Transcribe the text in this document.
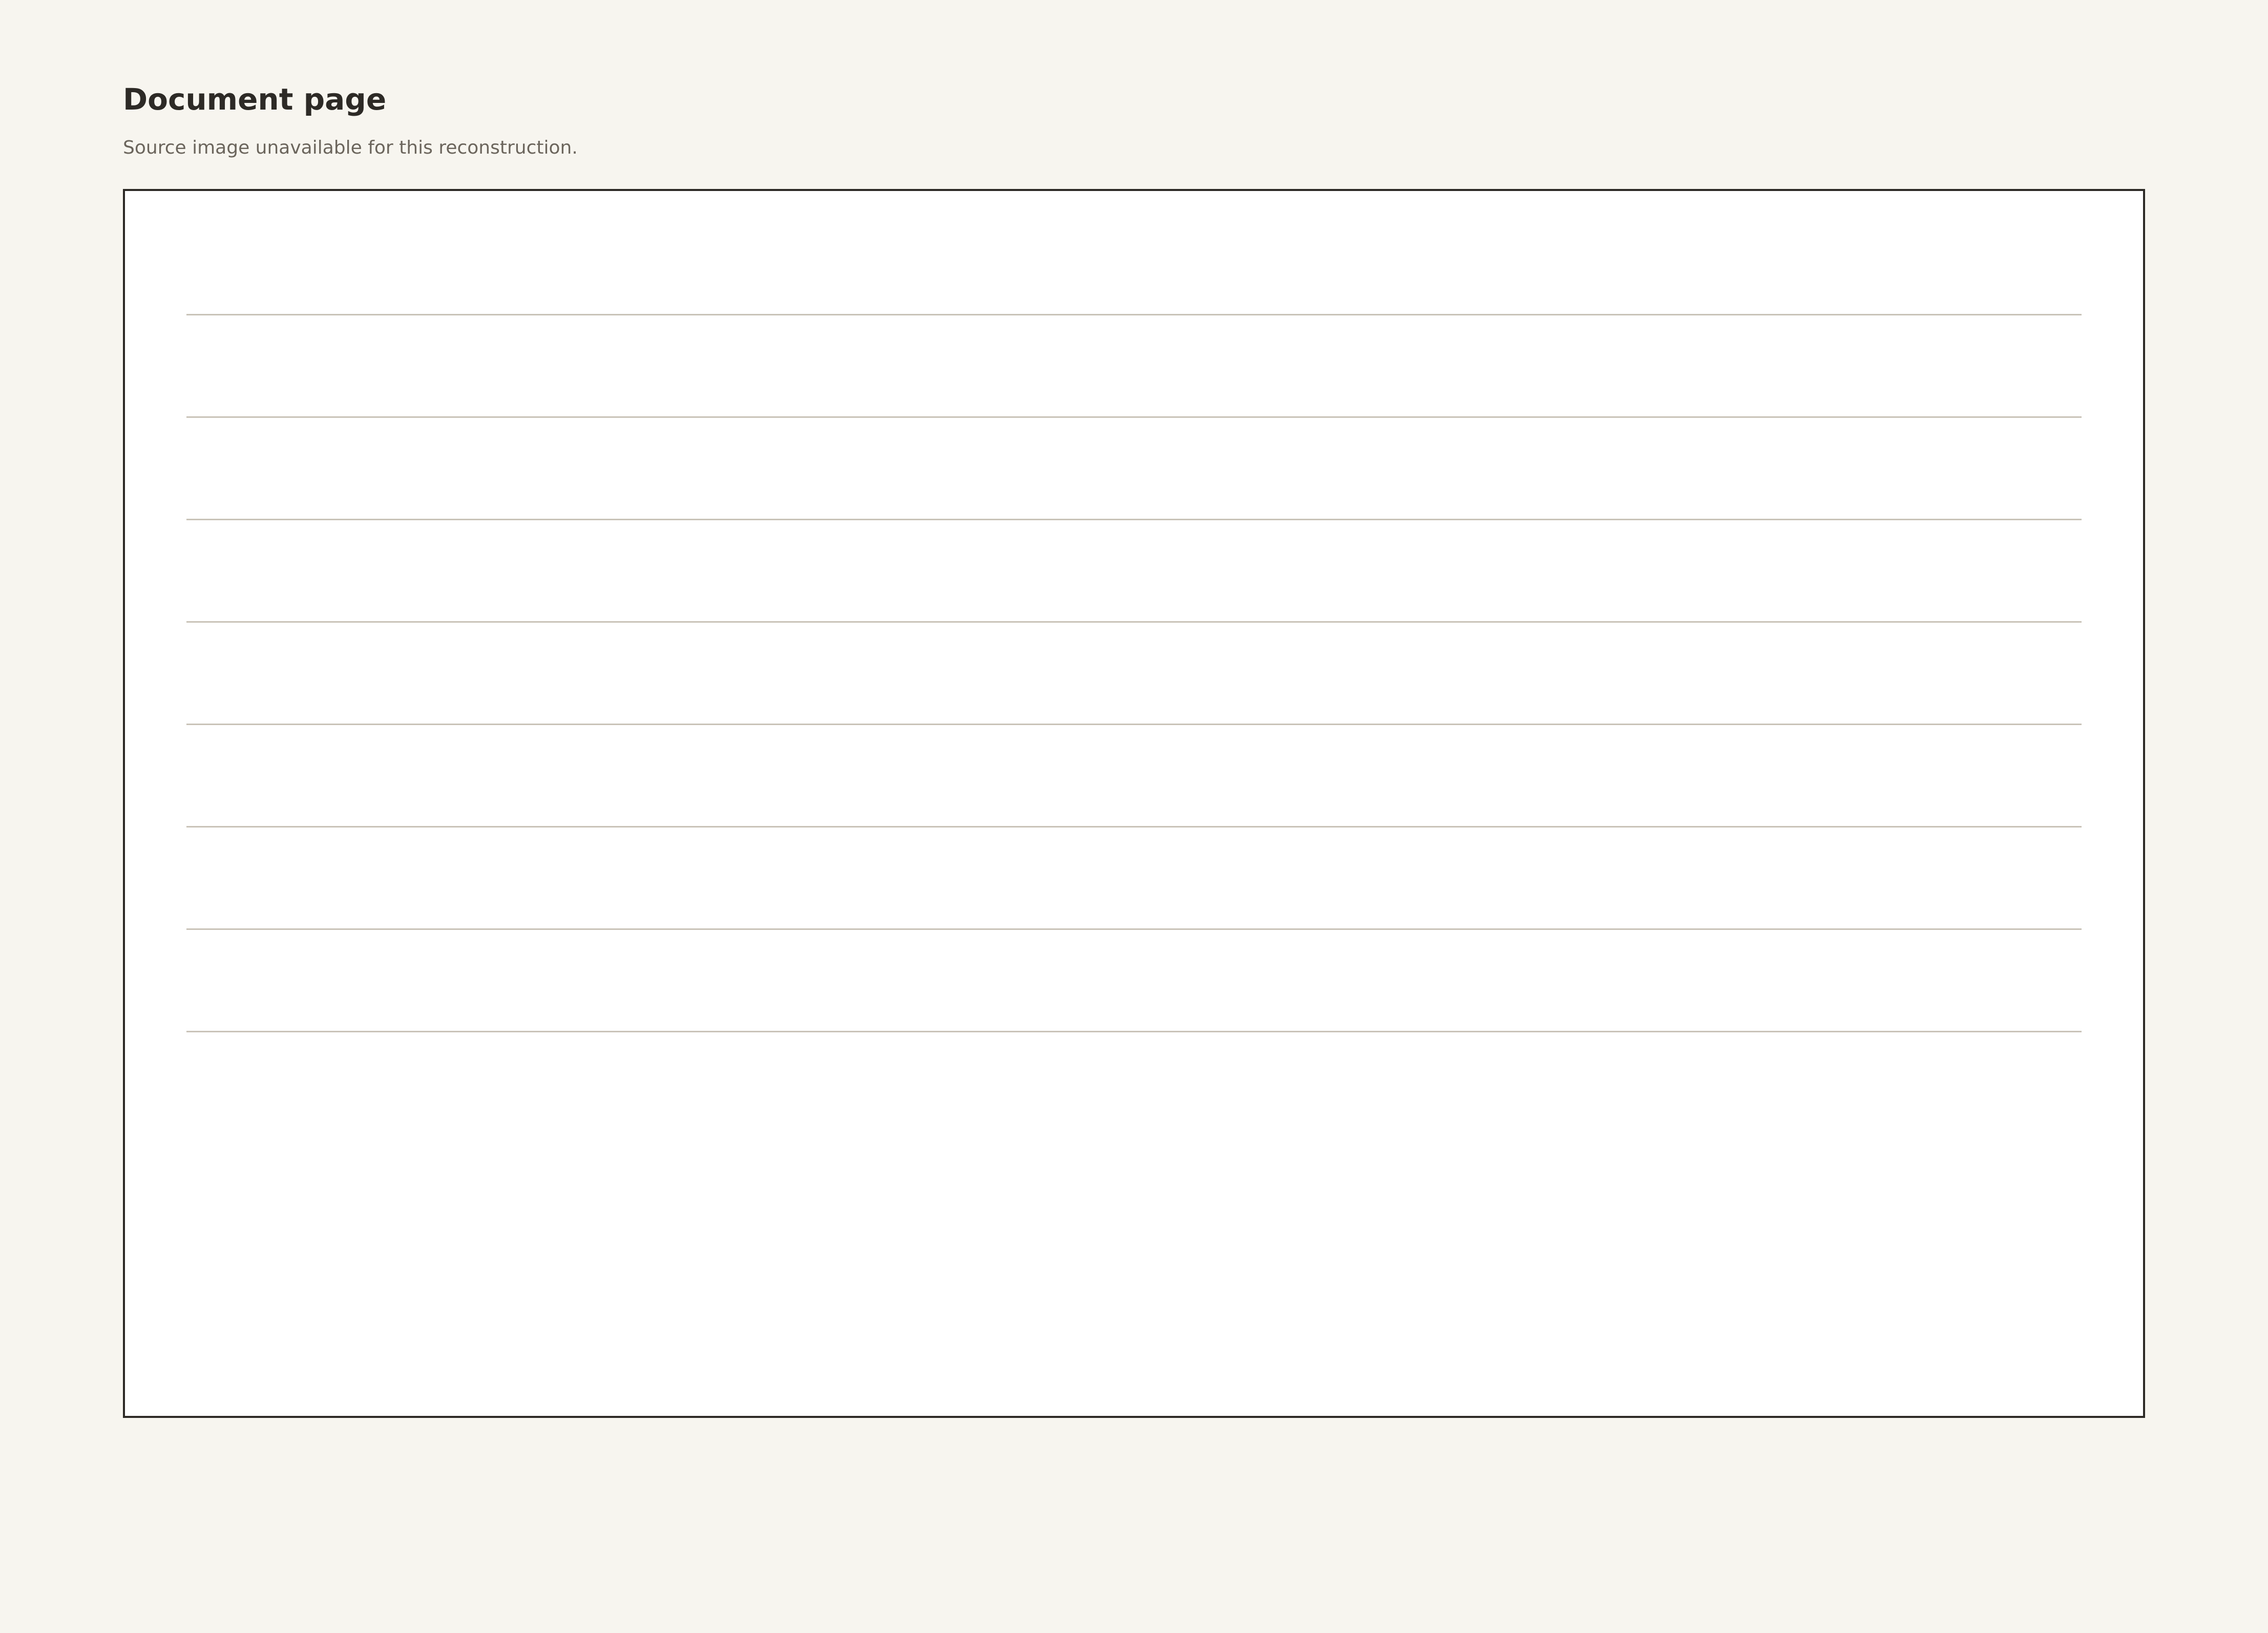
Document page
Source image unavailable for this reconstruction.
